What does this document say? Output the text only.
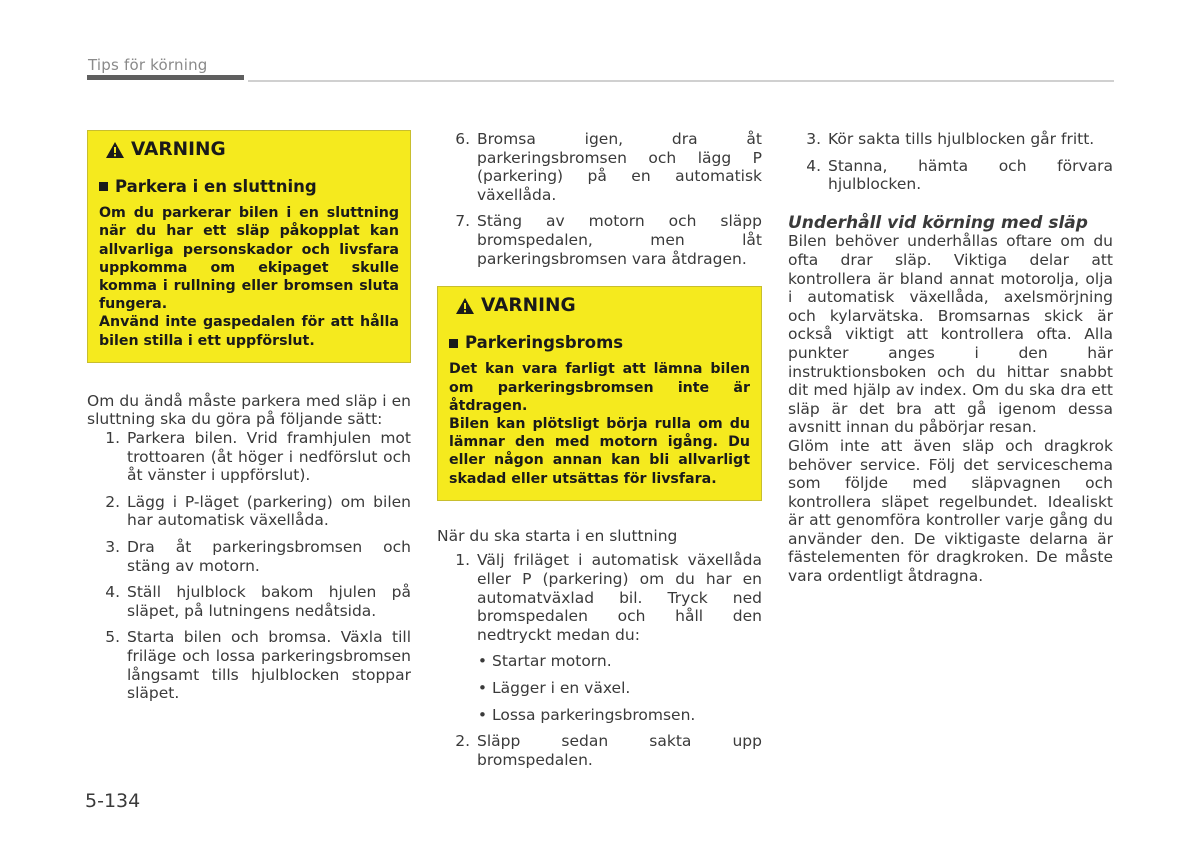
Tips för körning
VARNING
Parkera i en sluttning

Om du parkerar bilen i en sluttning när du har ett släp påkopplat kan allvarliga personskador och livsfara uppkomma om ekipaget skulle komma i rullning eller bromsen sluta fungera.

Använd inte gaspedalen för att hålla bilen stilla i ett uppförslut.

Om du ändå måste parkera med släp i en sluttning ska du göra på följande sätt:

1. Parkera bilen. Vrid framhjulen mot trottoaren (åt höger i nedförslut och åt vänster i uppförslut).
2. Lägg i P-läget (parkering) om bilen har automatisk växellåda.
3. Dra åt parkeringsbromsen och stäng av motorn.
4. Ställ hjulblock bakom hjulen på släpet, på lutningens nedåtsida.
5. Starta bilen och bromsa. Växla till friläge och lossa parkeringsbromsen långsamt tills hjulblocken stoppar släpet.
6. Bromsa igen, dra åt parkeringsbromsen och lägg P (parkering) på en automatisk växellåda.
7. Stäng av motorn och släpp bromspedalen, men låt parkeringsbromsen vara åtdragen.
VARNING
Parkeringsbroms

Det kan vara farligt att lämna bilen om parkeringsbromsen inte är åtdragen.

Bilen kan plötsligt börja rulla om du lämnar den med motorn igång. Du eller någon annan kan bli allvarligt skadad eller utsättas för livsfara.

När du ska starta i en sluttning

1. Välj friläget i automatisk växellåda eller P (parkering) om du har en automatväxlad bil. Tryck ned bromspedalen och håll den nedtryckt medan du:
• Startar motorn.
• Lägger i en växel.
• Lossa parkeringsbromsen.
2. Släpp sedan sakta upp bromspedalen.
3. Kör sakta tills hjulblocken går fritt.
4. Stanna, hämta och förvara hjulblocken.

Underhåll vid körning med släp

Bilen behöver underhållas oftare om du ofta drar släp. Viktiga delar att kontrollera är bland annat motorolja, olja i automatisk växellåda, axelsmörjning och kylarvätska. Bromsarnas skick är också viktigt att kontrollera ofta. Alla punkter anges i den här instruktionsboken och du hittar snabbt dit med hjälp av index. Om du ska dra ett släp är det bra att gå igenom dessa avsnitt innan du påbörjar resan.

Glöm inte att även släp och dragkrok behöver service. Följ det serviceschema som följde med släpvagnen och kontrollera släpet regelbundet. Idealiskt är att genomföra kontroller varje gång du använder den. De viktigaste delarna är fästelementen för dragkroken. De måste vara ordentligt åtdragna.

5-134
